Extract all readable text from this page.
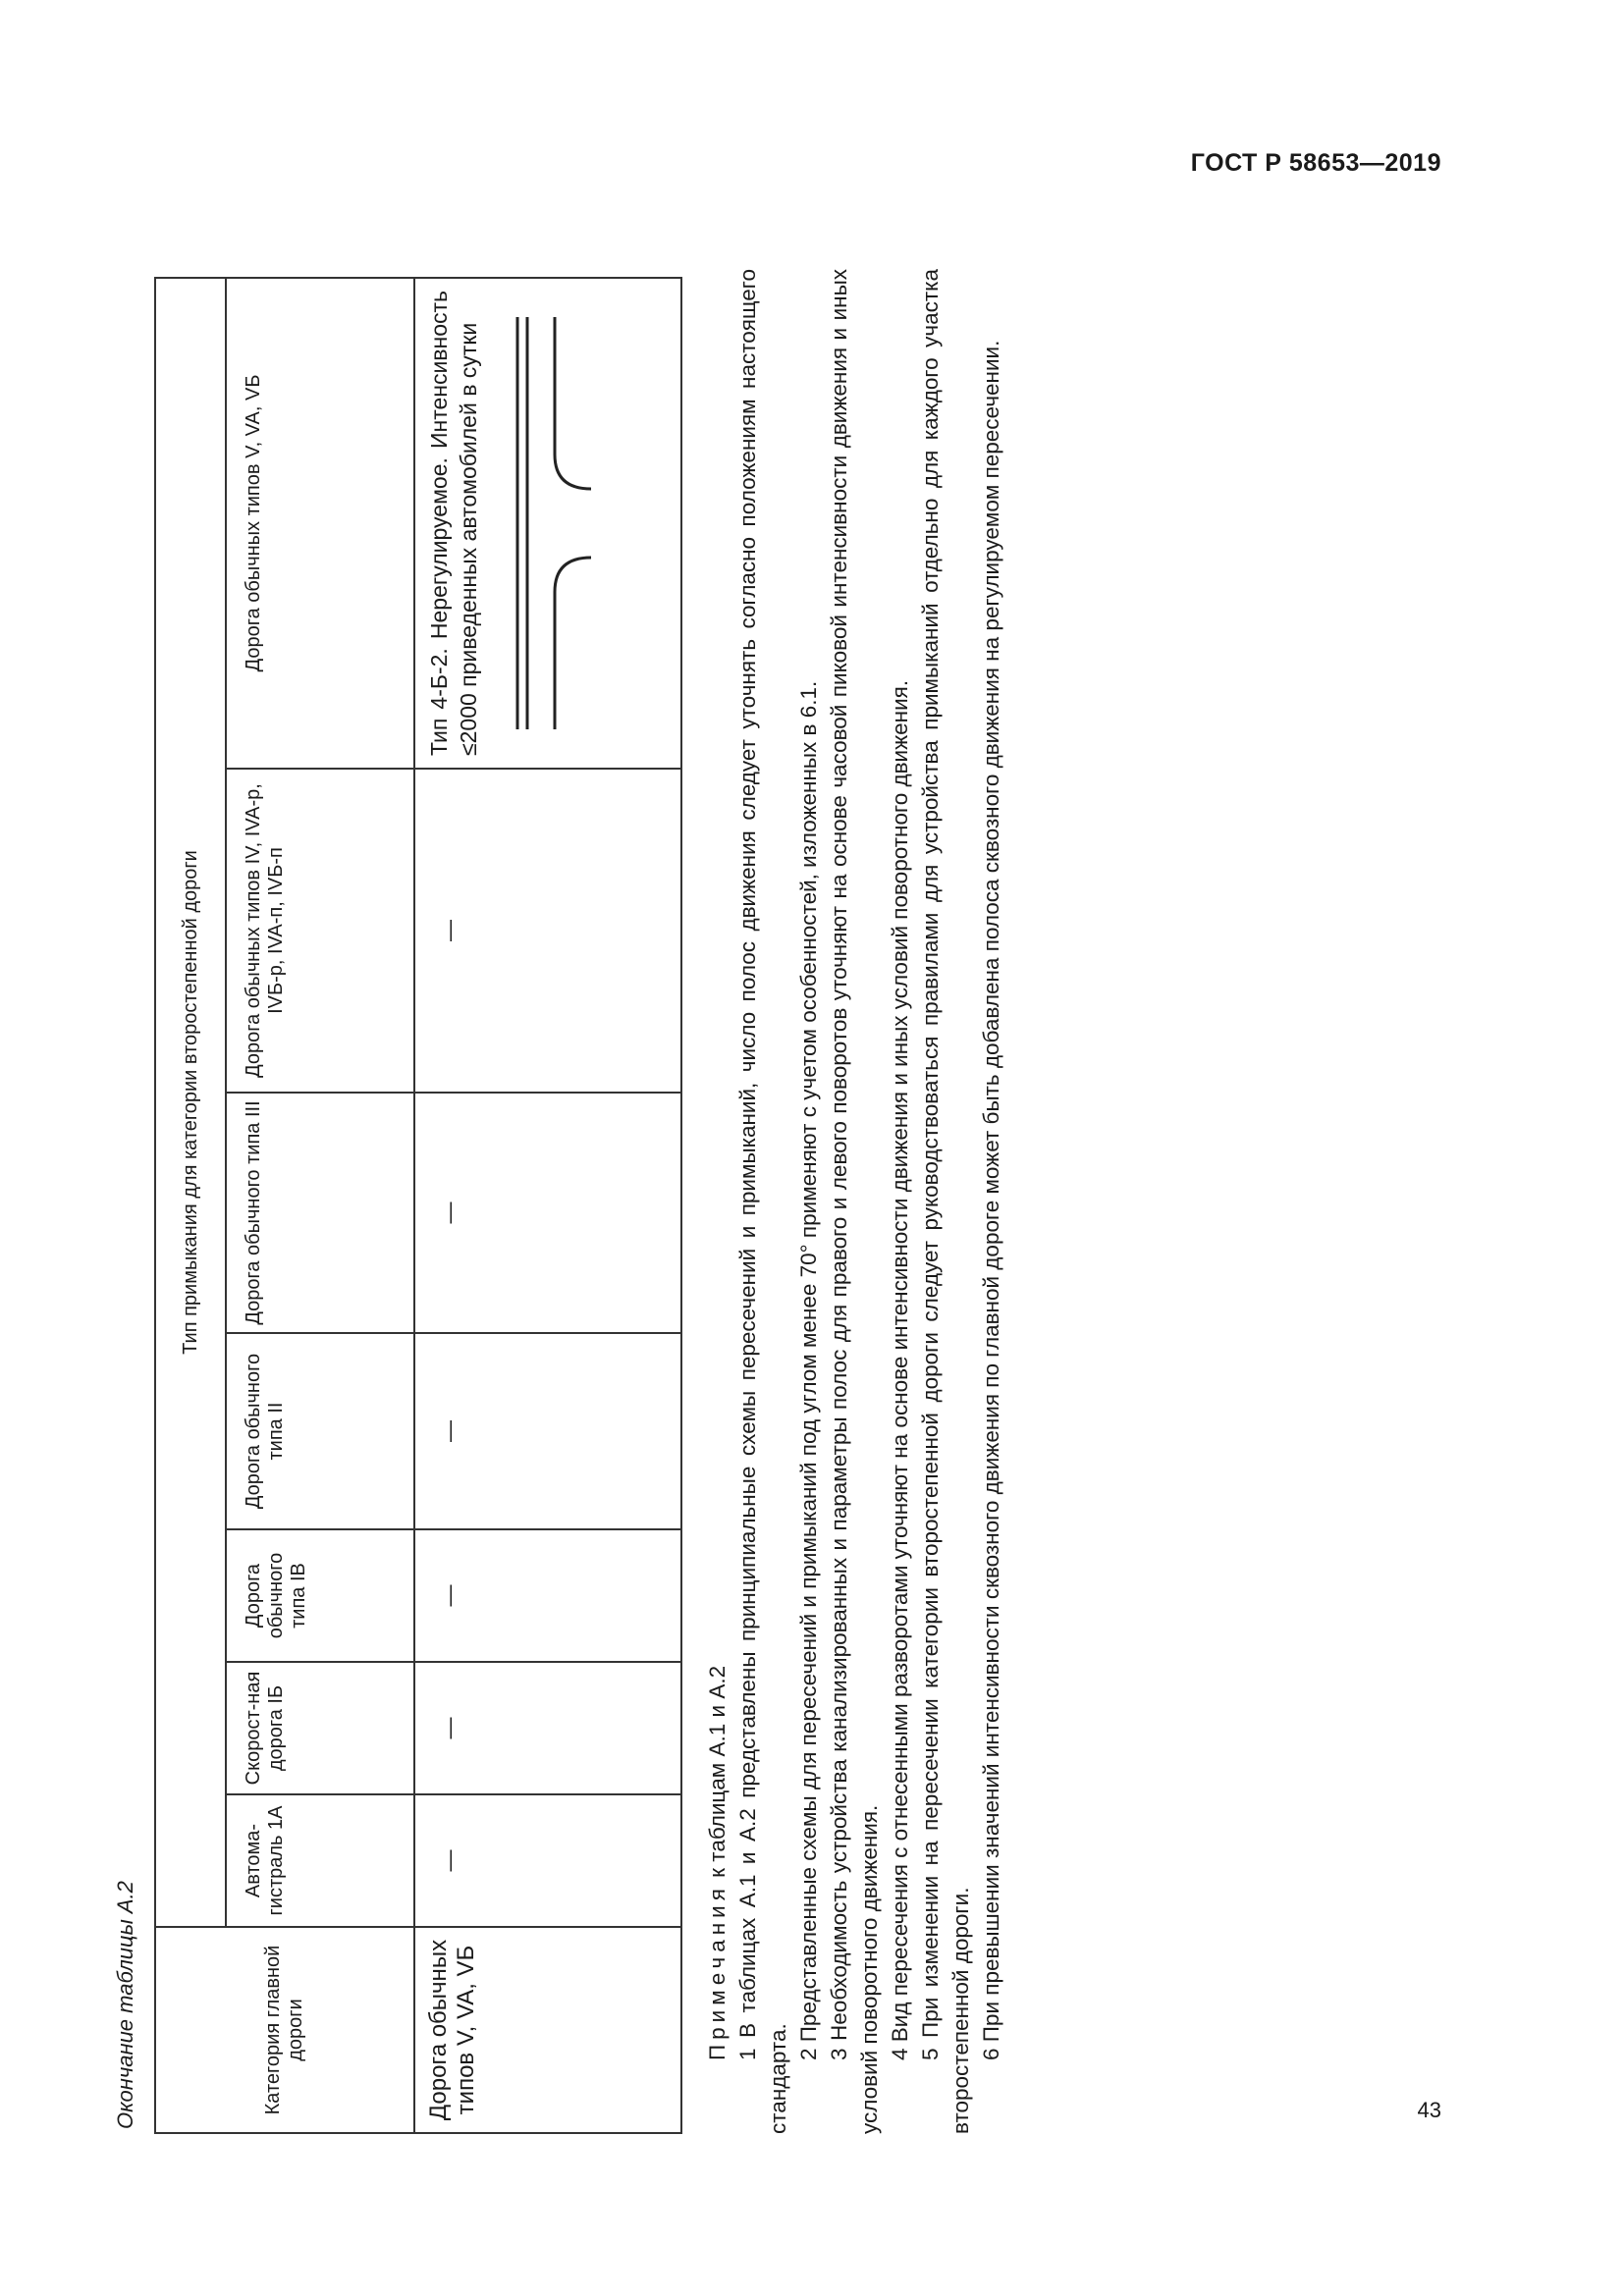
ГОСТ Р 58653—2019
43
Окончание таблицы А.2	Категория главной дороги	Тип примыкания для категории второстепенной дороги						
	Автома-гистраль 1А	Скорост-ная дорога IБ	Дорога обычного типа IВ	Дорога обычного типа II	Дорога обычного типа III	Дорога обычных типов IV, IVA-р, IVБ-р, IVA-п, IVБ-п	Дорога обычных типов V, VA, VБ
Дорога обычных типов V, VA, VБ	—	—	—	—	—	—	Тип 4-Б-2. Нерегулируемое. Интенсивность ≤2000 приведенных автомобилей в сутки

Примечания к таблицам А.1 и А.2 1 В таблицах А.1 и А.2 представлены принципиальные схемы пересечений и примыканий, число полос движения следует уточнять согласно положениям настоящего стандарта.

2 Представленные схемы для пересечений и примыканий под углом менее 70° применяют с учетом особенностей, изложенных в 6.1. 3 Необходимость устройства канализированных и параметры полос для правого и левого поворотов уточняют на основе часовой пиковой интенсивности движения и иных условий поворотного движения. 4 Вид пересечения с отнесенными разворотами уточняют на основе интенсивности движения и иных условий поворотного движения. 5 При изменении на пересечении категории второстепенной дороги следует руководствоваться правилами для устройства примыканий отдельно для каждого участка второстепенной дороги. 6 При превышении значений интенсивности сквозного движения по главной дороге может быть добавлена полоса сквозного движения на регулируемом пересечении.
